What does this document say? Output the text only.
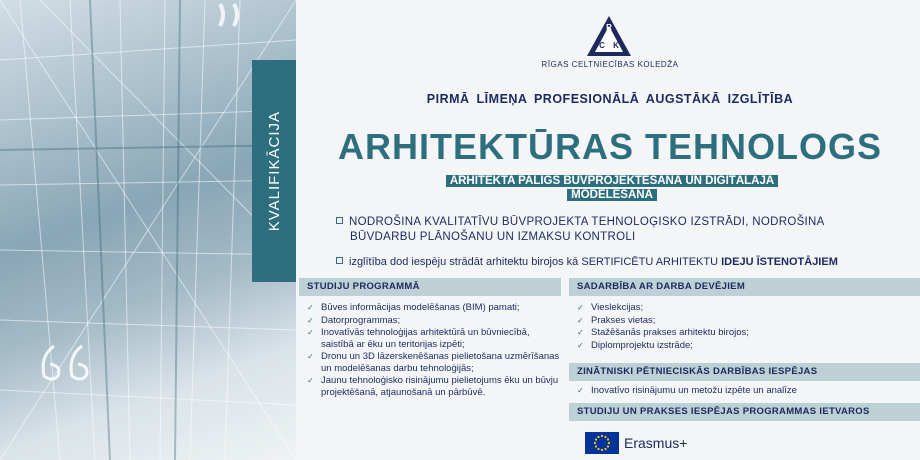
KVALIFIKĀCIJA
R
C K
RĪGAS CELTNIECĪBAS KOLEDŽA
PIRMĀ LĪMEŅA PROFESIONĀLĀ AUGSTĀKĀ IZGLĪTĪBA
ARHITEKTŪRAS TEHNOLOGS
ARHITEKTA PALĪGS BŪVPROJEKTĒŠANĀ UN DIGITĀLAJĀ
MODELĒŠANĀ
NODROŠINA KVALITATĪVU BŪVPROJEKTA TEHNOLOĢISKO IZSTRĀDI, NODROŠINA
BŪVDARBU PLĀNOŠANU UN IZMAKSU KONTROLI
izglītība dod iespēju strādāt arhitektu birojos kā SERTIFICĒTU ARHITEKTU IDEJU ĪSTENOTĀJIEM
STUDIJU PROGRAMMĀ
✓ Būves informācijas modelēšanas (BIM) pamati;
✓ Datorprogrammas;
✓ Inovatīvās tehnoloģijas arhitektūrā un būvniecībā, saistībā ar ēku un teritorijas izpēti;
✓ Dronu un 3D lāzerskenēšanas pielietošana uzmērīšanas un modelēšanas darbu tehnoloģijās;
✓ Jaunu tehnoloģisko risinājumu pielietojums ēku un būvju projektēšanā, atjaunošanā un pārbūvē.
SADARBĪBA AR DARBA DEVĒJIEM
✓ Vieslekcijas;
✓ Prakses vietas;
✓ Stažēšanās prakses arhitektu birojos;
✓ Diplomprojektu izstrāde;
ZINĀTNISKI PĒTNIECISKĀS DARBĪBAS IESPĒJAS
✓ Inovatīvo risinājumu un metožu izpēte un analīze
STUDIJU UN PRAKSES IESPĒJAS PROGRAMMAS IETVAROS
Erasmus+
